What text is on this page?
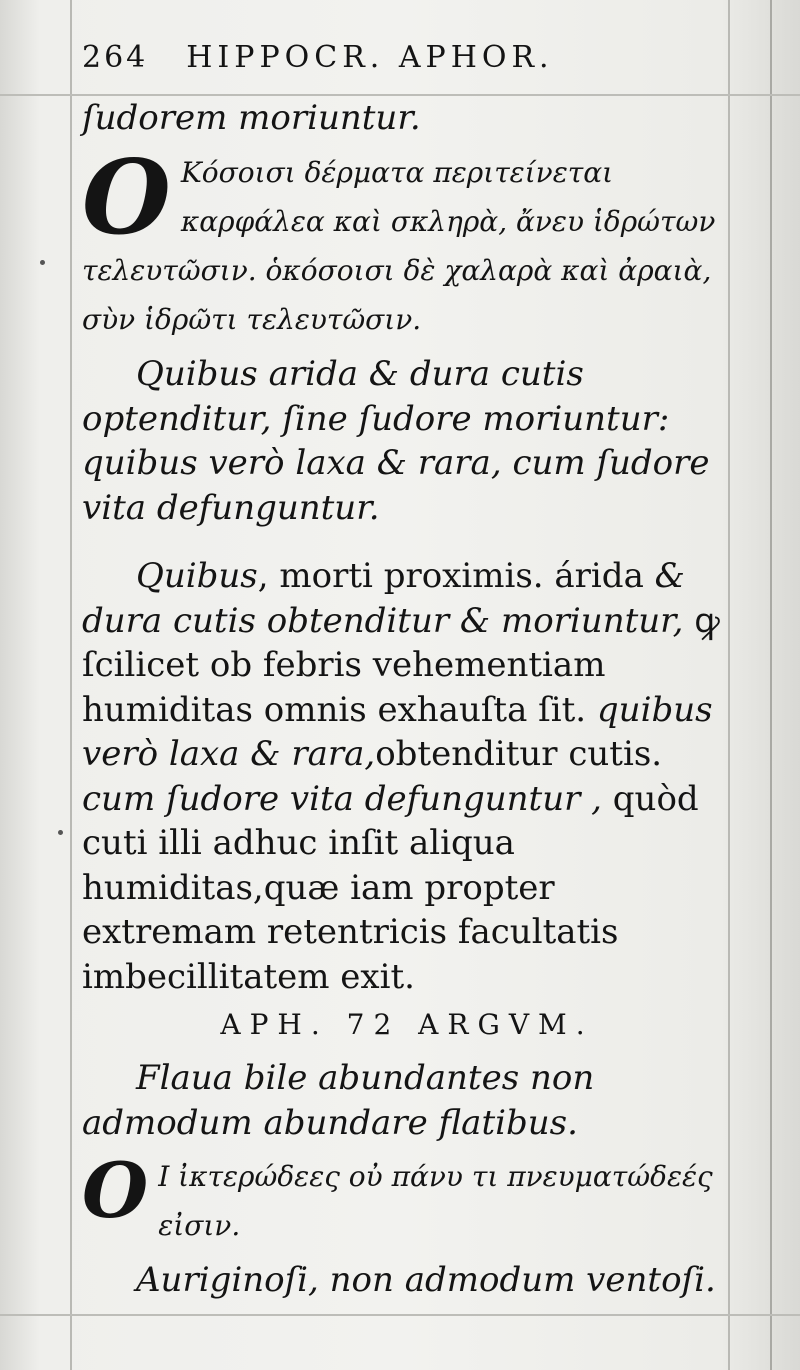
264 HIPPOCR. APHOR.
ſudorem moriuntur.
O Κόσοισι δέρματα περιτείνεται καρφάλεα καὶ σκληρὰ, ἄνευ ἱδρώτων τελευτῶσιν. ὁκόσοισι δὲ χαλαρὰ καὶ ἀραιὰ, σὺν ἱδρῶτι τελευτῶσιν.
Quibus arida & dura cutis optenditur, ſine ſudore moriuntur: quibus verò laxa & rara, cum ſudore vita defunguntur.
Quibus, morti proximis. árida & dura cutis obtenditur & moriuntur, ꝙ ſcilicet ob febris vehementiam humiditas omnis exhauſta ſit. quibus verò laxa & rara,obtenditur cutis. cum ſudore vita defunguntur , quòd cuti illi adhuc inſit aliqua humiditas,quæ iam propter extremam retentricis facultatis imbecillitatem exit.
APH. 72 ARGVM.
Flaua bile abundantes non admodum abundare flatibus.
O Ι ἰκτερώδεες οὐ πάνυ τι πνευματώδεές εἰσιν.
Auriginoſi, non admodum ventoſi.
